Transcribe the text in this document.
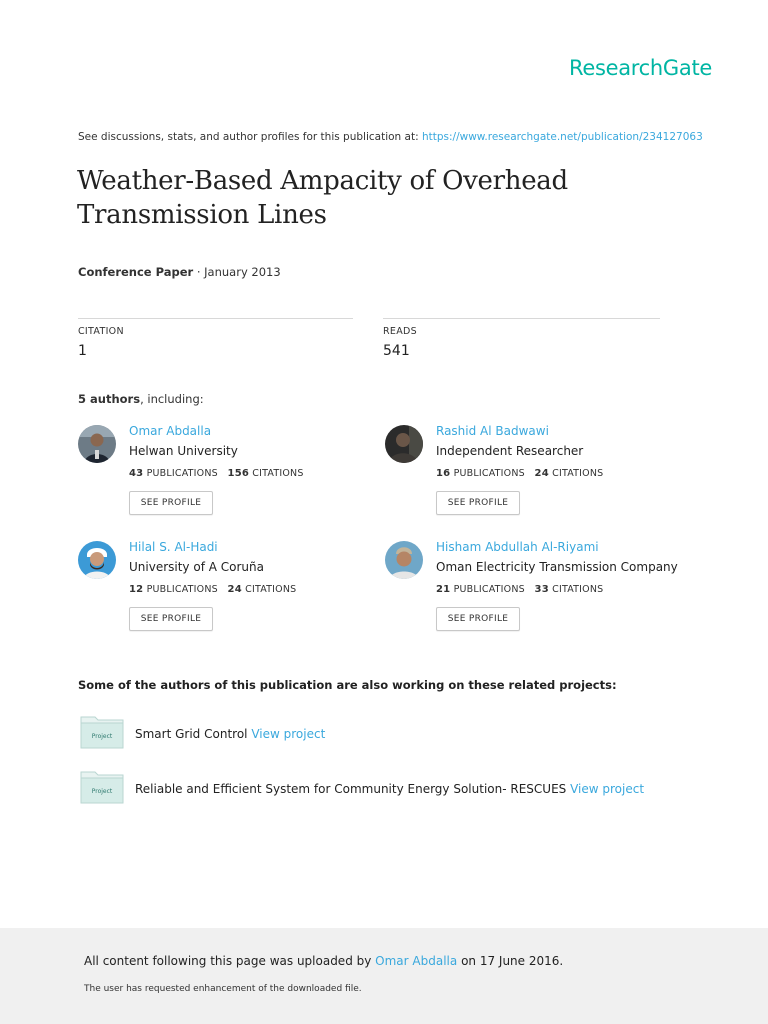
ResearchGate
See discussions, stats, and author profiles for this publication at: https://www.researchgate.net/publication/234127063
Weather-Based Ampacity of Overhead
Transmission Lines
Conference Paper · January 2013
CITATION
1
READS
541
5 authors, including:
Omar Abdalla
Helwan University
43 PUBLICATIONS 156 CITATIONS
SEE PROFILE
Rashid Al Badwawi
Independent Researcher
16 PUBLICATIONS 24 CITATIONS
SEE PROFILE
Hilal S. Al-Hadi
University of A Coruña
12 PUBLICATIONS 24 CITATIONS
SEE PROFILE
Hisham Abdullah Al-Riyami
Oman Electricity Transmission Company
21 PUBLICATIONS 33 CITATIONS
SEE PROFILE
Some of the authors of this publication are also working on these related projects:
Project Smart Grid Control View project
Project Reliable and Efficient System for Community Energy Solution- RESCUES View project
All content following this page was uploaded by Omar Abdalla on 17 June 2016.
The user has requested enhancement of the downloaded file.
